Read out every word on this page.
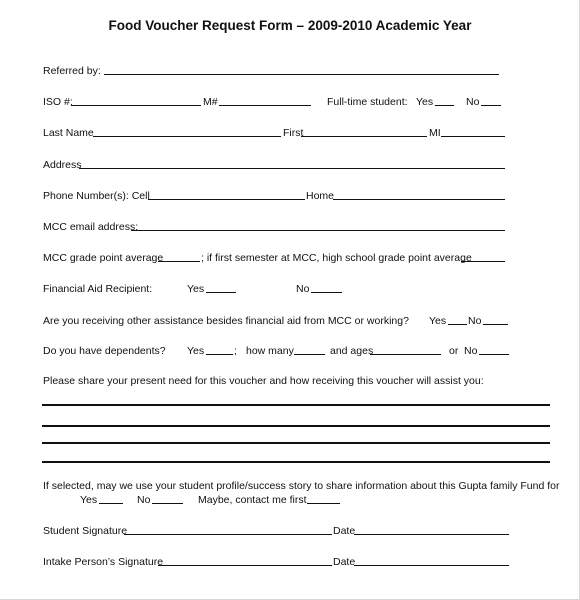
Food Voucher Request Form – 2009-2010 Academic Year
Referred by:
ISO #:	M#	Full-time student: Yes	No
Last Name	First	MI
Address
Phone Number(s): Cell	Home
MCC email address:
MCC grade point average	; if first semester at MCC, high school grade point average
Financial Aid Recipient:	Yes	No
Are you receiving other assistance besides financial aid from MCC or working? Yes No
Do you have dependents? Yes	; how many	and ages	or No
Please share your present need for this voucher and how receiving this voucher will assist you:
If selected, may we use your student profile/success story to share information about this Gupta family Fund for
Yes	No	Maybe, contact me first
Student Signature	Date
Intake Person’s Signature	Date
